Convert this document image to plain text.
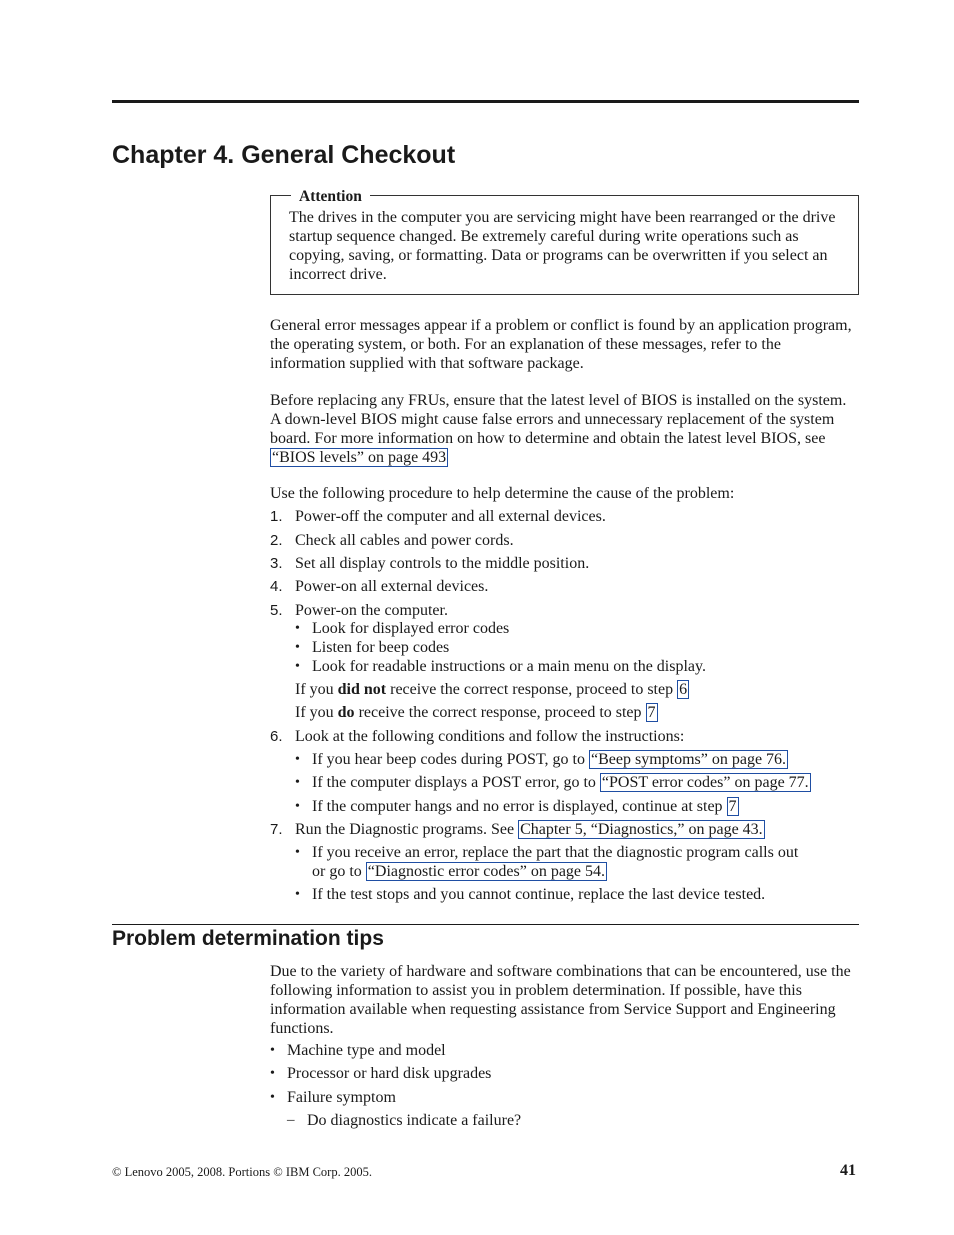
Chapter 4. General Checkout
Attention

The drives in the computer you are servicing might have been rearranged or the drive startup sequence changed. Be extremely careful during write operations such as copying, saving, or formatting. Data or programs can be overwritten if you select an incorrect drive.

General error messages appear if a problem or conflict is found by an application program, the operating system, or both. For an explanation of these messages, refer to the information supplied with that software package.

Before replacing any FRUs, ensure that the latest level of BIOS is installed on the system. A down-level BIOS might cause false errors and unnecessary replacement of the system board. For more information on how to determine and obtain the latest level BIOS, see “BIOS levels” on page 493

Use the following procedure to help determine the cause of the problem:

1. Power-off the computer and all external devices.
2. Check all cables and power cords.
3. Set all display controls to the middle position.
4. Power-on all external devices.
5. Power-on the computer.
• Look for displayed error codes
• Listen for beep codes
• Look for readable instructions or a main menu on the display.
If you did not receive the correct response, proceed to step 6
If you do receive the correct response, proceed to step 7
6. Look at the following conditions and follow the instructions:
• If you hear beep codes during POST, go to “Beep symptoms” on page 76.
• If the computer displays a POST error, go to “POST error codes” on page 77.
• If the computer hangs and no error is displayed, continue at step 7
7. Run the Diagnostic programs. See Chapter 5, “Diagnostics,” on page 43.
• If you receive an error, replace the part that the diagnostic program calls out
or go to “Diagnostic error codes” on page 54.
• If the test stops and you cannot continue, replace the last device tested.
Problem determination tips

Due to the variety of hardware and software combinations that can be encountered, use the following information to assist you in problem determination. If possible, have this information available when requesting assistance from Service Support and Engineering functions.

• Machine type and model
• Processor or hard disk upgrades
• Failure symptom
– Do diagnostics indicate a failure?
© Lenovo 2005, 2008. Portions © IBM Corp. 2005.	41
